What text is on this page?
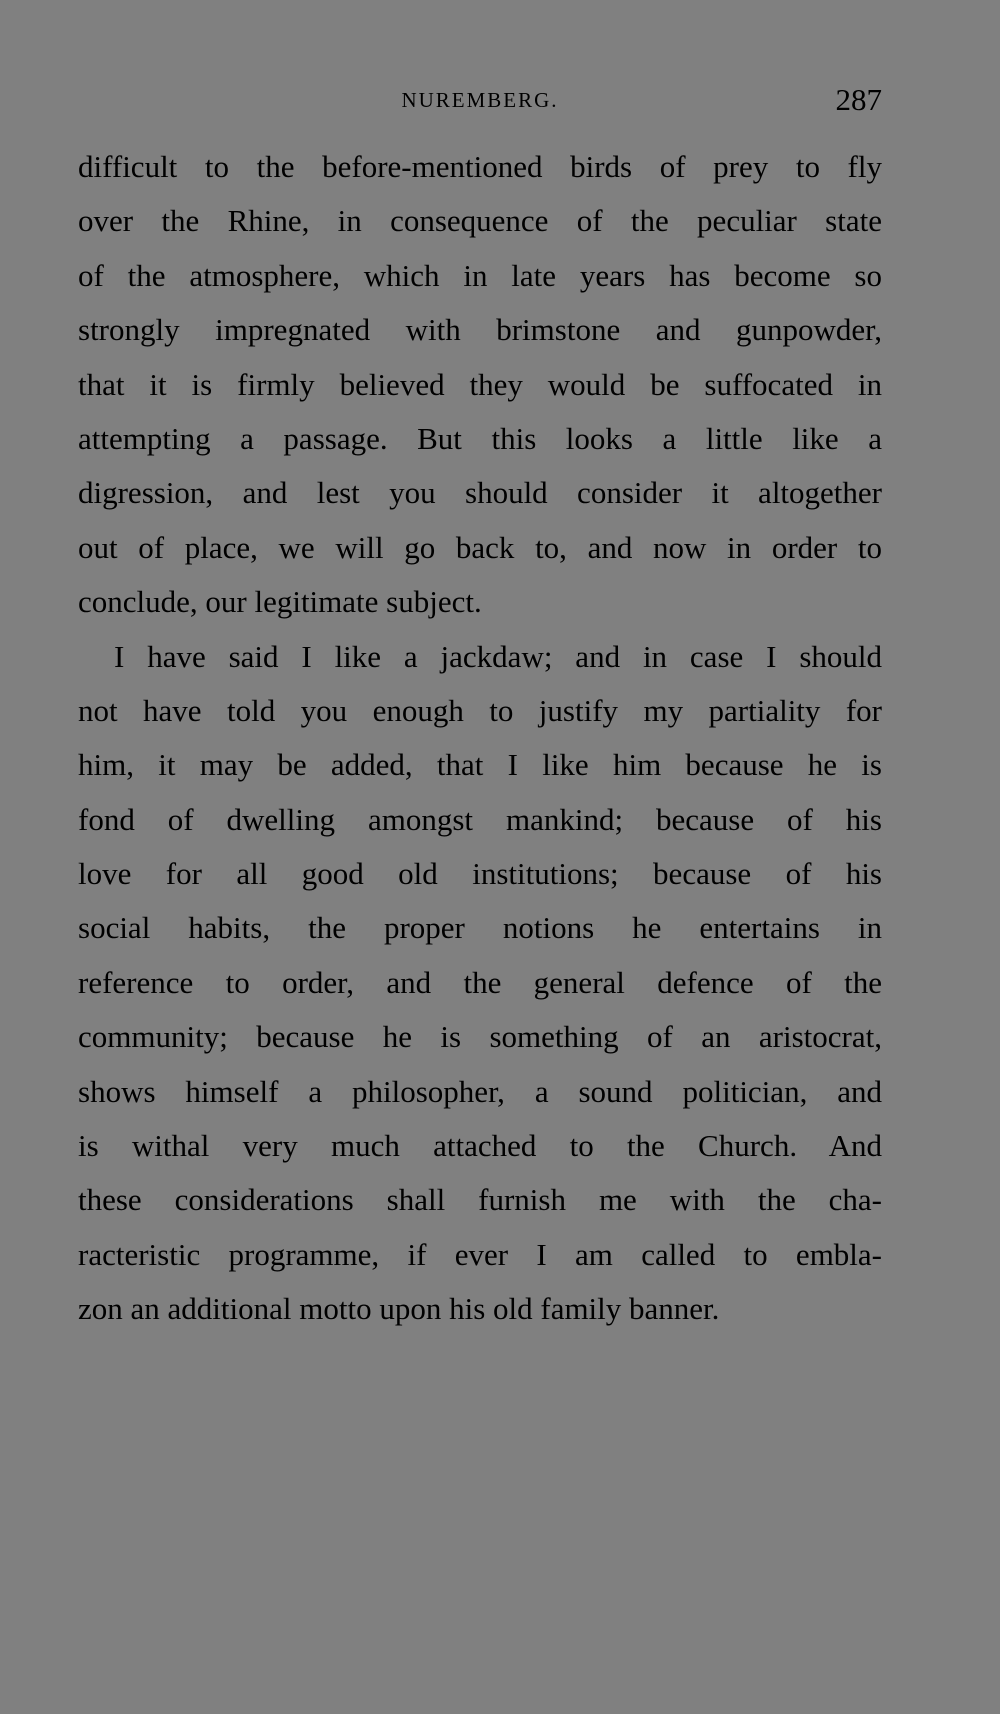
NUREMBERG.	287
difficult to the before-mentioned birds of prey to fly
over the Rhine, in consequence of the peculiar state
of the atmosphere, which in late years has become so
strongly impregnated with brimstone and gunpowder,
that it is firmly believed they would be suffocated in
attempting a passage. But this looks a little like a
digression, and lest you should consider it altogether
out of place, we will go back to, and now in order to
conclude, our legitimate subject.
I have said I like a jackdaw; and in case I should
not have told you enough to justify my partiality for
him, it may be added, that I like him because he is
fond of dwelling amongst mankind; because of his
love for all good old institutions; because of his
social habits, the proper notions he entertains in
reference to order, and the general defence of the
community; because he is something of an aristocrat,
shows himself a philosopher, a sound politician, and
is withal very much attached to the Church. And
these considerations shall furnish me with the cha-
racteristic programme, if ever I am called to embla-
zon an additional motto upon his old family banner.
